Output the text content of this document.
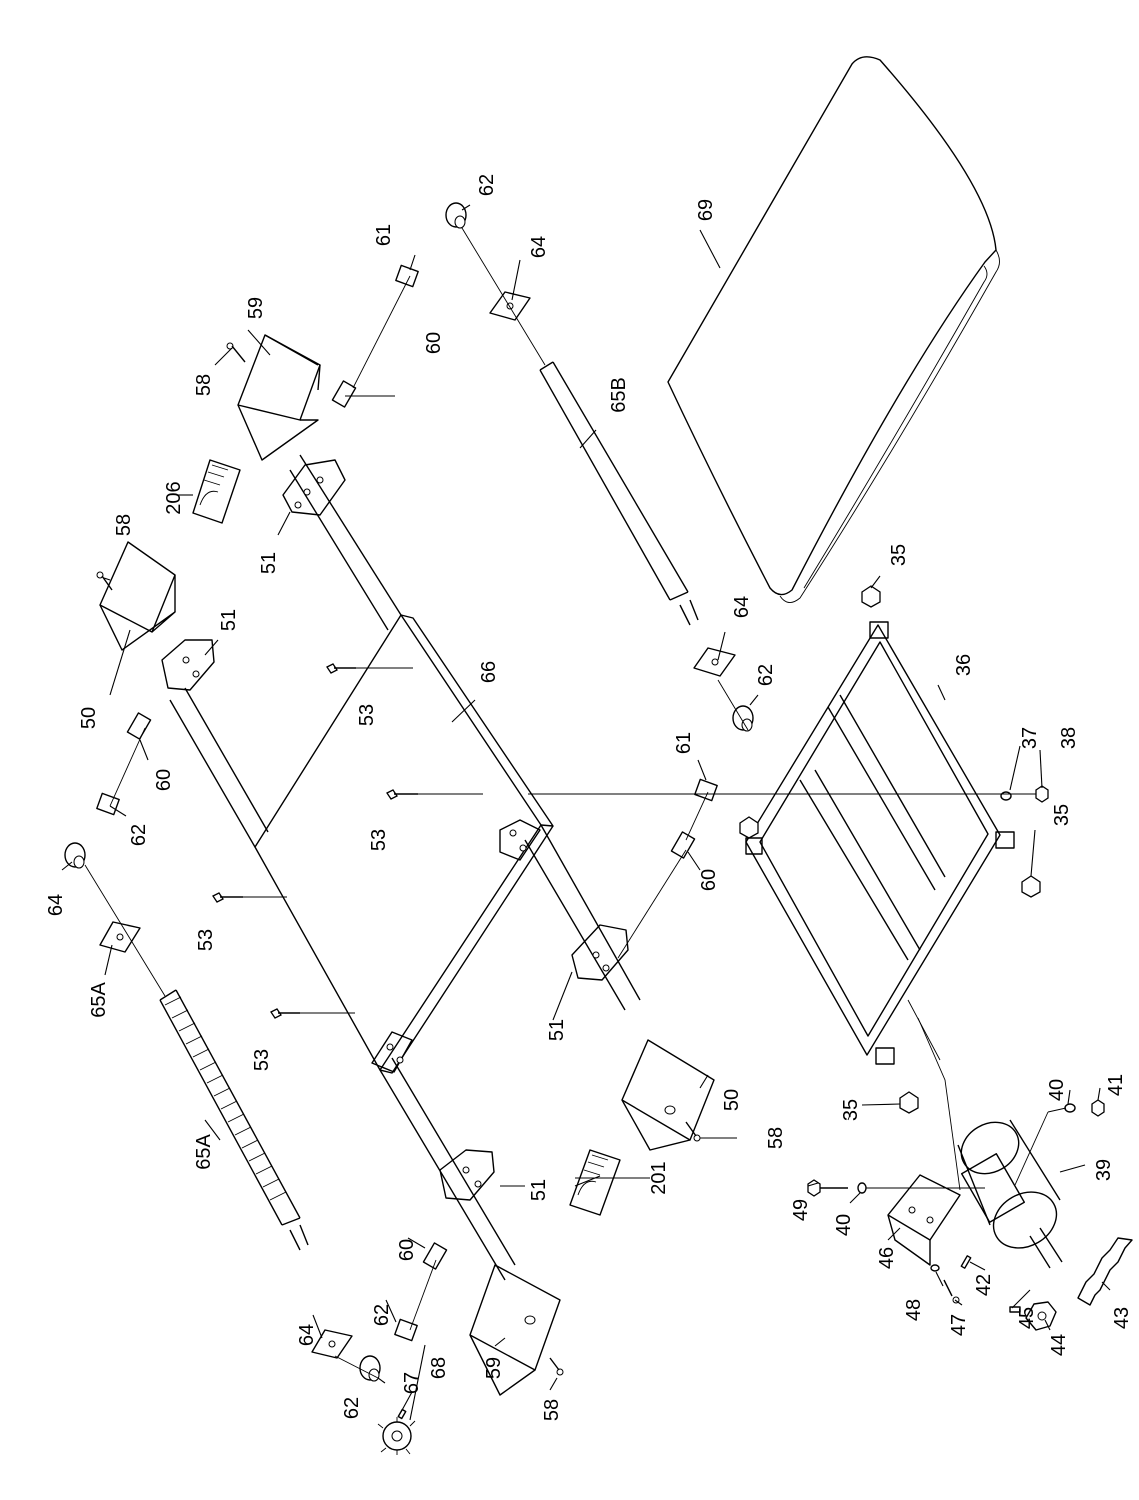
62
61
64
59
60
58	65B
206
51
58
69
51
50
66
53
64
62
61
60
62	53
36
37 38
35
35
64
60
53
65A
51
53
50	35
58
40 41
39
201
65A
51
49
40
60	46
42
62	48
64	47 45	43
44
68
67
62
59
58
